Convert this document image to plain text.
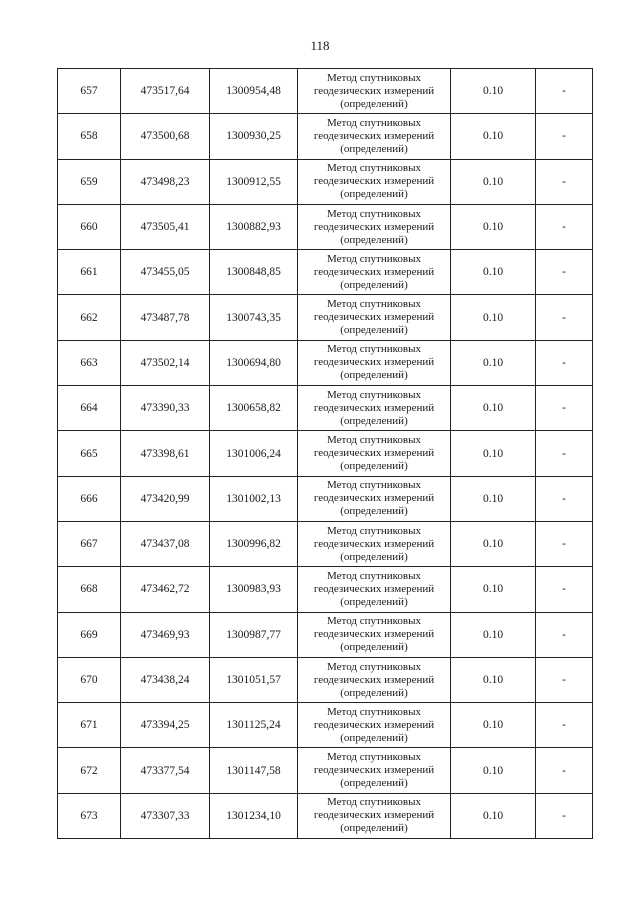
118
657	473517,64	1300954,48	Метод спутниковых
геодезических измерений
(определений)	0.10	-
658	473500,68	1300930,25	Метод спутниковых
геодезических измерений
(определений)	0.10	-
659	473498,23	1300912,55	Метод спутниковых
геодезических измерений
(определений)	0.10	-
660	473505,41	1300882,93	Метод спутниковых
геодезических измерений
(определений)	0.10	-
661	473455,05	1300848,85	Метод спутниковых
геодезических измерений
(определений)	0.10	-
662	473487,78	1300743,35	Метод спутниковых
геодезических измерений
(определений)	0.10	-
663	473502,14	1300694,80	Метод спутниковых
геодезических измерений
(определений)	0.10	-
664	473390,33	1300658,82	Метод спутниковых
геодезических измерений
(определений)	0.10	-
665	473398,61	1301006,24	Метод спутниковых
геодезических измерений
(определений)	0.10	-
666	473420,99	1301002,13	Метод спутниковых
геодезических измерений
(определений)	0.10	-
667	473437,08	1300996,82	Метод спутниковых
геодезических измерений
(определений)	0.10	-
668	473462,72	1300983,93	Метод спутниковых
геодезических измерений
(определений)	0.10	-
669	473469,93	1300987,77	Метод спутниковых
геодезических измерений
(определений)	0.10	-
670	473438,24	1301051,57	Метод спутниковых
геодезических измерений
(определений)	0.10	-
671	473394,25	1301125,24	Метод спутниковых
геодезических измерений
(определений)	0.10	-
672	473377,54	1301147,58	Метод спутниковых
геодезических измерений
(определений)	0.10	-
673	473307,33	1301234,10	Метод спутниковых
геодезических измерений
(определений)	0.10	-
